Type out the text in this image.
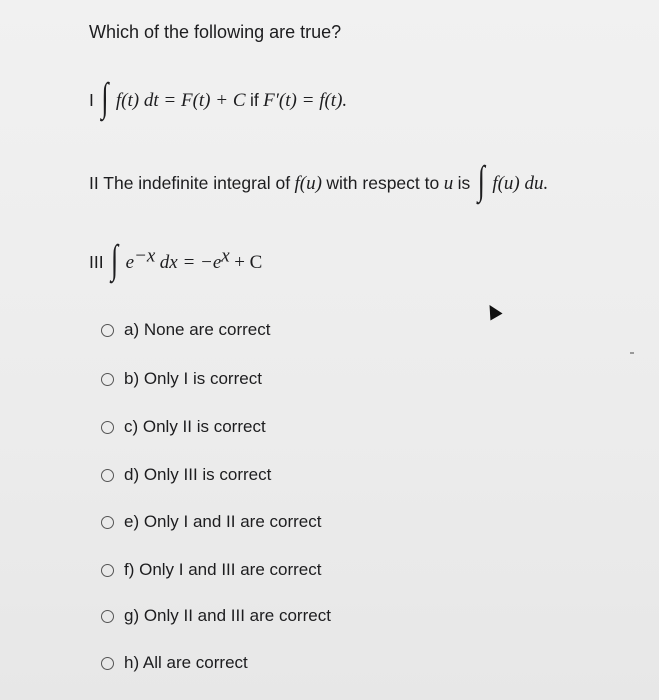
Which of the following are true?
I ∫ f(t) dt = F(t) + C if F′(t) = f(t).
II The indefinite integral of f(u) with respect to u is ∫ f(u) du.
III ∫ $e^{-x}$ dx = $-e^x + C$
a) None are correct
b) Only I is correct
c) Only II is correct
d) Only III is correct
e) Only I and II are correct
f) Only I and III are correct
g) Only II and III are correct
h) All are correct
